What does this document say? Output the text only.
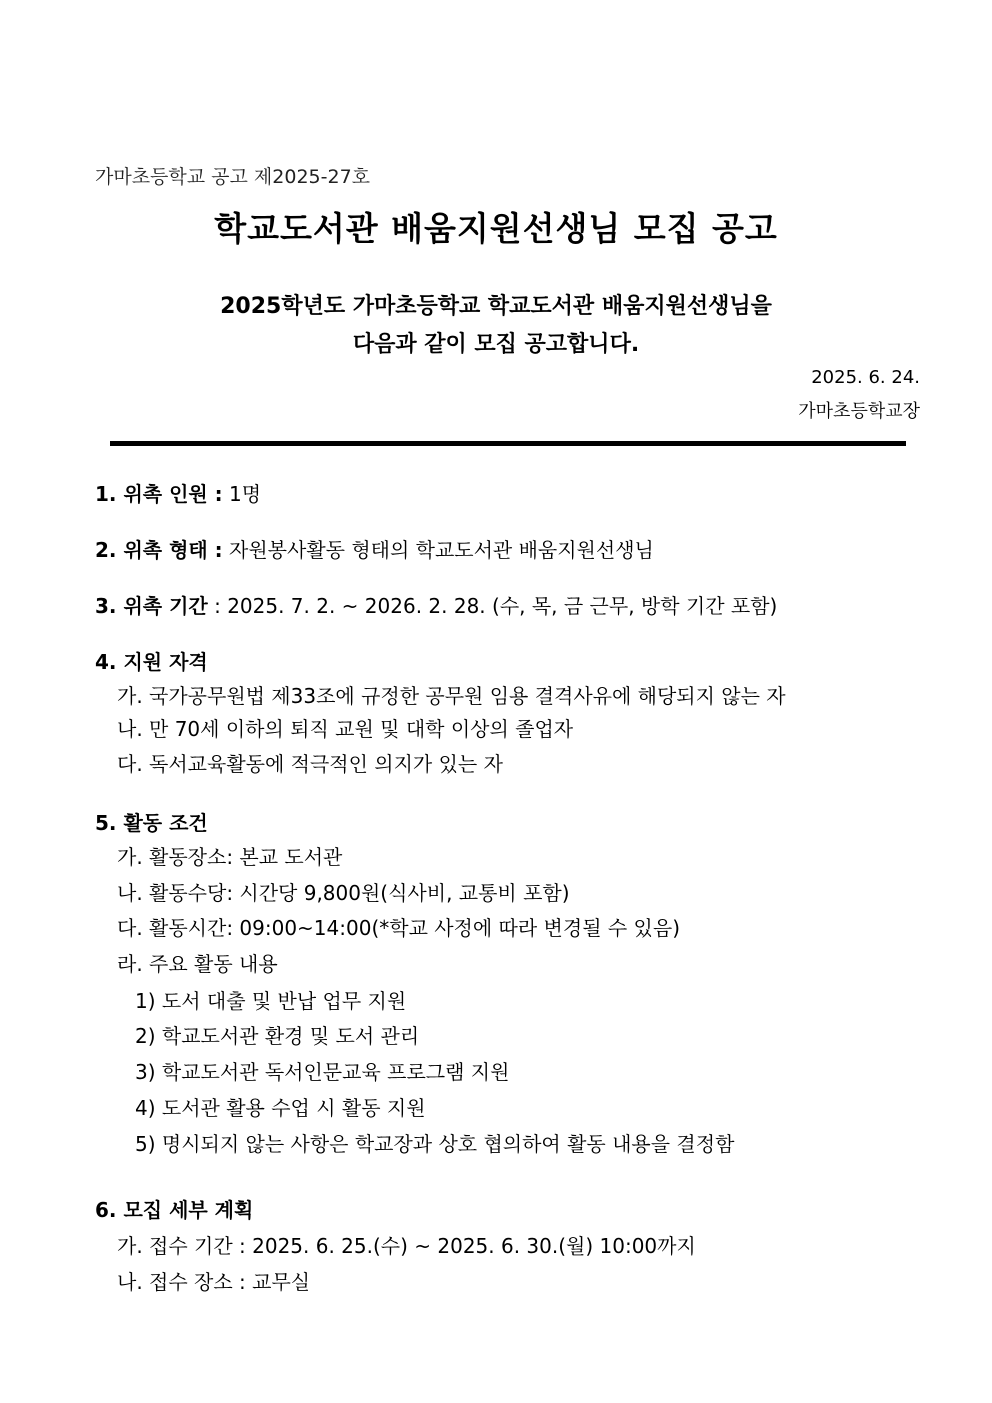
가마초등학교 공고 제2025-27호
학교도서관 배움지원선생님 모집 공고
2025학년도 가마초등학교 학교도서관 배움지원선생님을
다음과 같이 모집 공고합니다.
2025. 6. 24.
가마초등학교장
1. 위촉 인원 : 1명
2. 위촉 형태 : 자원봉사활동 형태의 학교도서관 배움지원선생님
3. 위촉 기간 : 2025. 7. 2. ~ 2026. 2. 28. (수, 목, 금 근무, 방학 기간 포함)
4. 지원 자격
가. 국가공무원법 제33조에 규정한 공무원 임용 결격사유에 해당되지 않는 자
나. 만 70세 이하의 퇴직 교원 및 대학 이상의 졸업자
다. 독서교육활동에 적극적인 의지가 있는 자
5. 활동 조건
가. 활동장소: 본교 도서관
나. 활동수당: 시간당 9,800원(식사비, 교통비 포함)
다. 활동시간: 09:00~14:00(*학교 사정에 따라 변경될 수 있음)
라. 주요 활동 내용
1) 도서 대출 및 반납 업무 지원
2) 학교도서관 환경 및 도서 관리
3) 학교도서관 독서인문교육 프로그램 지원
4) 도서관 활용 수업 시 활동 지원
5) 명시되지 않는 사항은 학교장과 상호 협의하여 활동 내용을 결정함
6. 모집 세부 계획
가. 접수 기간 : 2025. 6. 25.(수) ~ 2025. 6. 30.(월) 10:00까지
나. 접수 장소 : 교무실
